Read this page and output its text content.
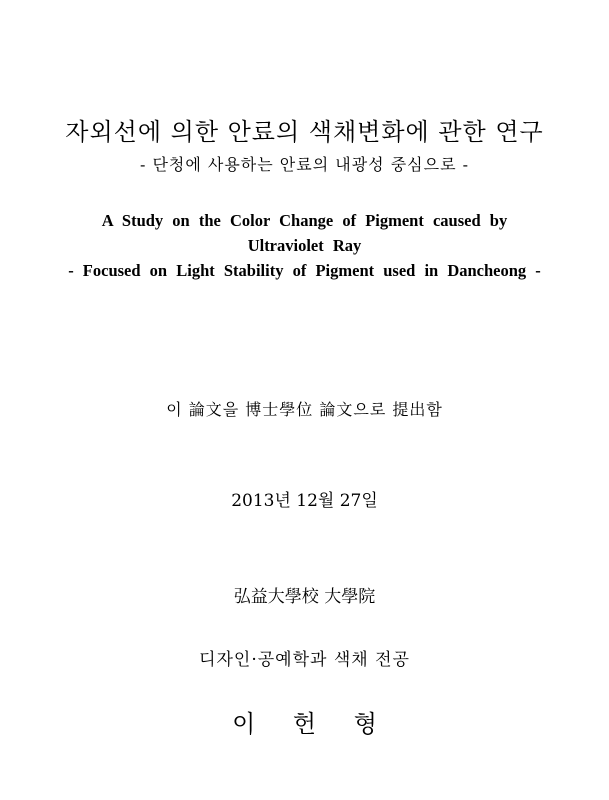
자외선에 의한 안료의 색채변화에 관한 연구
- 단청에 사용하는 안료의 내광성 중심으로 -
A Study on the Color Change of Pigment caused by
Ultraviolet Ray
- Focused on Light Stability of Pigment used in Dancheong -
이 論文을 博士學位 論文으로 提出함
2013년 12월 27일
弘益大學校 大學院
디자인·공예학과 색채 전공
이 헌 형
